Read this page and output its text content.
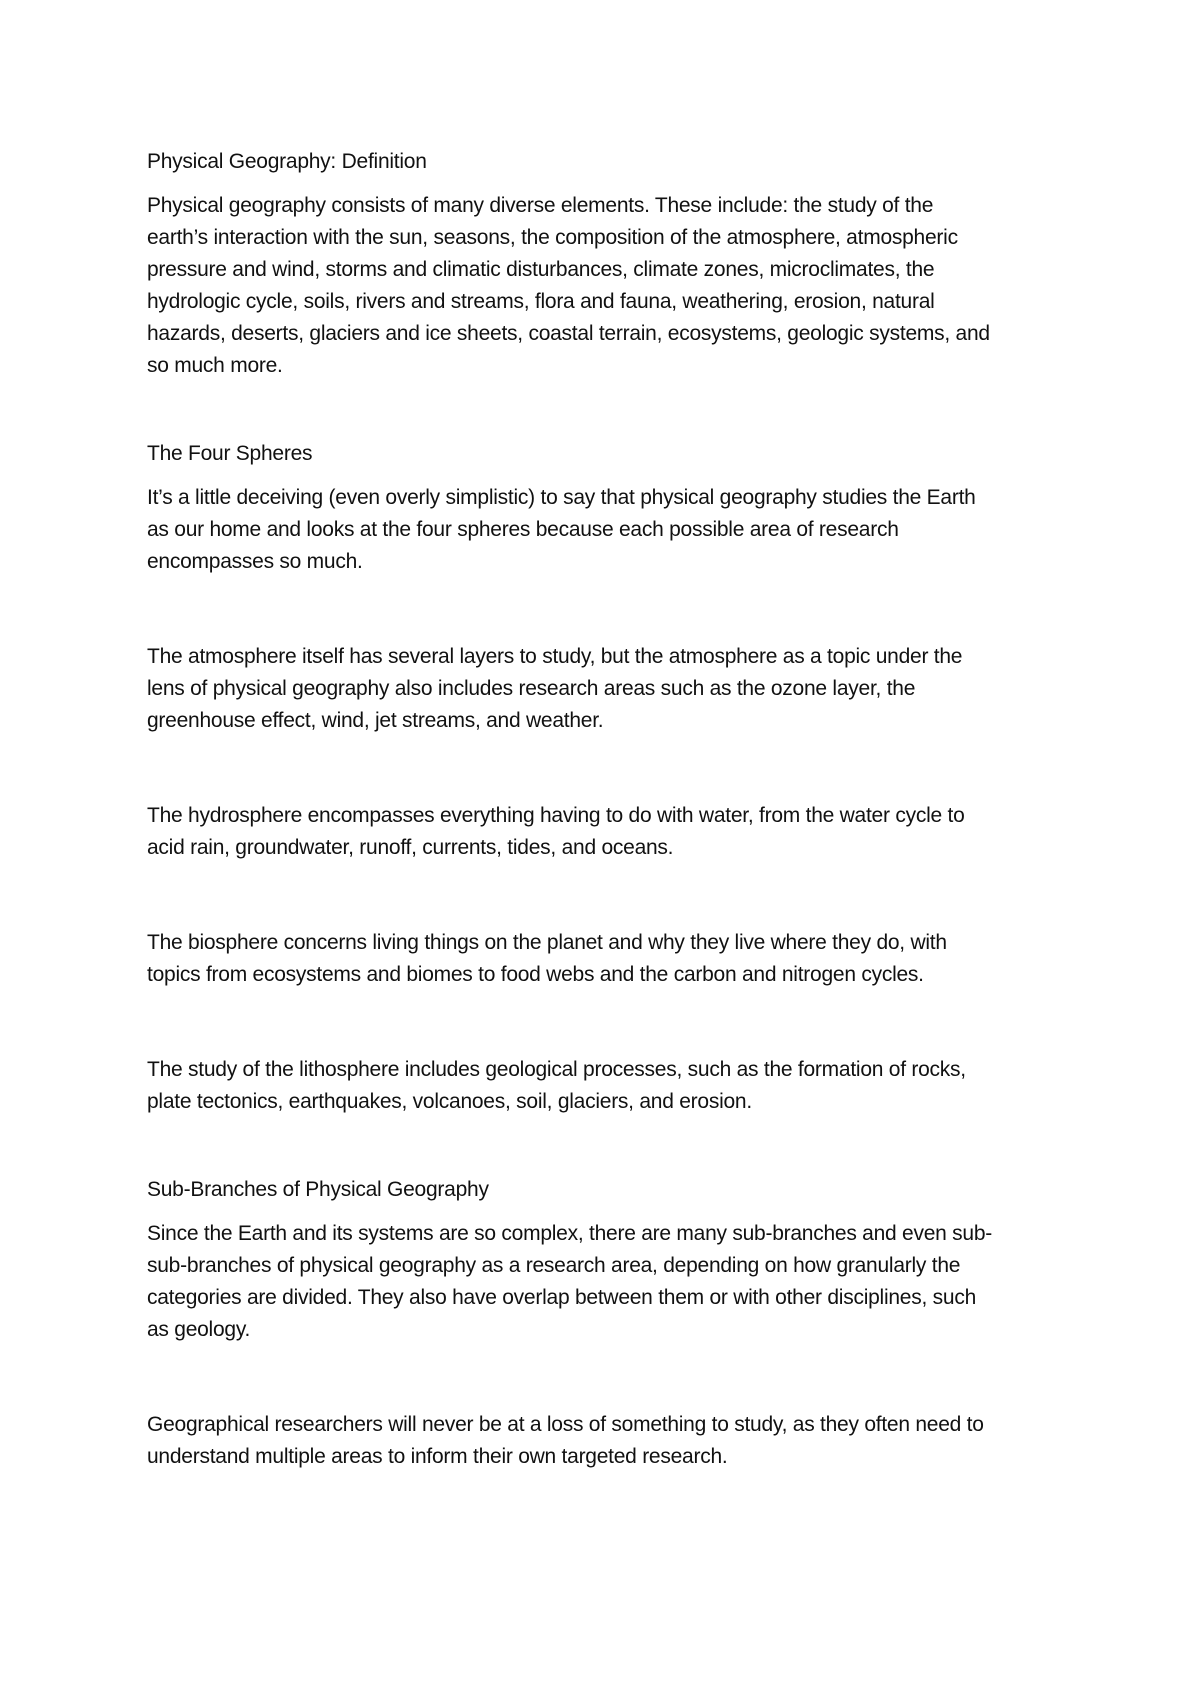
Physical Geography: Definition
Physical geography consists of many diverse elements. These include: the study of the
earth’s interaction with the sun, seasons, the composition of the atmosphere, atmospheric
pressure and wind, storms and climatic disturbances, climate zones, microclimates, the
hydrologic cycle, soils, rivers and streams, flora and fauna, weathering, erosion, natural
hazards, deserts, glaciers and ice sheets, coastal terrain, ecosystems, geologic systems, and
so much more.
The Four Spheres
It’s a little deceiving (even overly simplistic) to say that physical geography studies the Earth
as our home and looks at the four spheres because each possible area of research
encompasses so much.
The atmosphere itself has several layers to study, but the atmosphere as a topic under the
lens of physical geography also includes research areas such as the ozone layer, the
greenhouse effect, wind, jet streams, and weather.
The hydrosphere encompasses everything having to do with water, from the water cycle to
acid rain, groundwater, runoff, currents, tides, and oceans.
The biosphere concerns living things on the planet and why they live where they do, with
topics from ecosystems and biomes to food webs and the carbon and nitrogen cycles.
The study of the lithosphere includes geological processes, such as the formation of rocks,
plate tectonics, earthquakes, volcanoes, soil, glaciers, and erosion.
Sub-Branches of Physical Geography
Since the Earth and its systems are so complex, there are many sub-branches and even sub-
sub-branches of physical geography as a research area, depending on how granularly the
categories are divided. They also have overlap between them or with other disciplines, such
as geology.
Geographical researchers will never be at a loss of something to study, as they often need to
understand multiple areas to inform their own targeted research.
